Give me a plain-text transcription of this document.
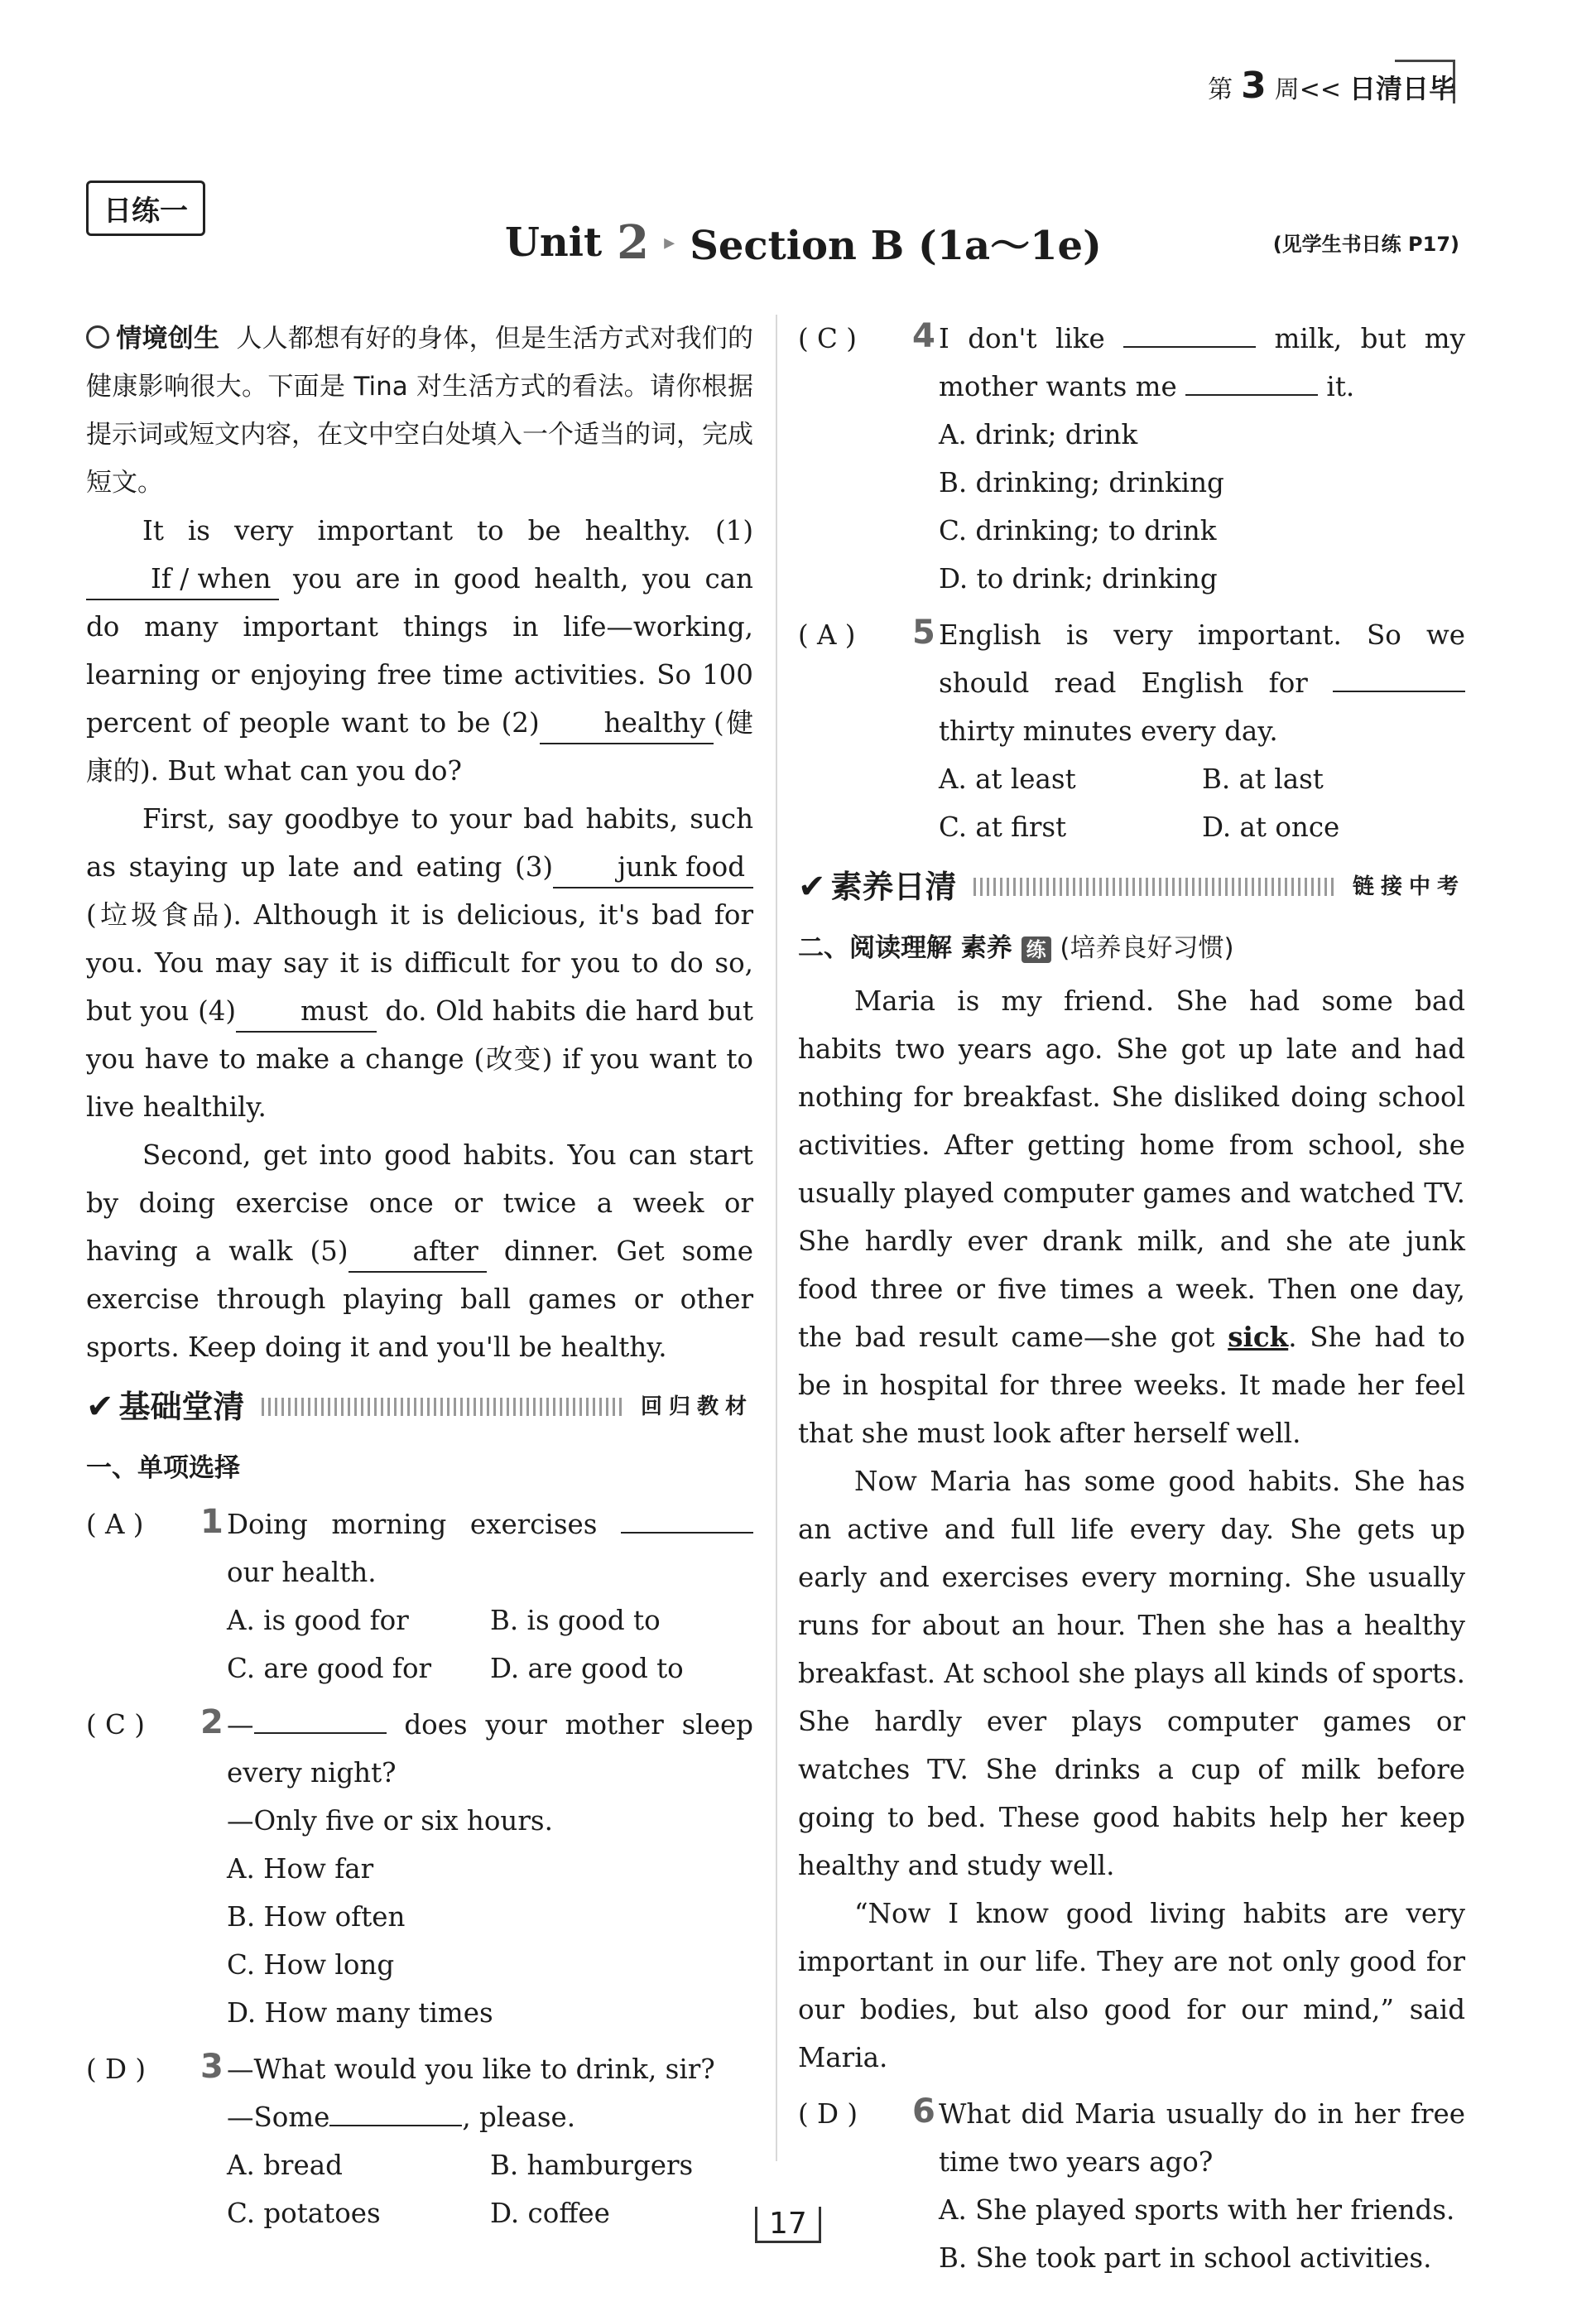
第 3 周<< 日清日毕
日练一
Unit 2 ▸ Section B (1a～1e)	(见学生书日练 P17)

情境创生 人人都想有好的身体，但是生活方式对我们的健康影响很大。下面是 Tina 对生活方式的看法。请你根据提示词或短文内容，在文中空白处填入一个适当的词，完成短文。

It is very important to be healthy. (1)If / when you are in good health, you can do many important things in life—working, learning or enjoying free time activities. So 100 percent of people want to be (2) healthy (健康的). But what can you do?

First, say goodbye to your bad habits, such as staying up late and eating (3) junk food(垃圾食品). Although it is delicious, it's bad for you. You may say it is difficult for you to do so, but you (4) must do. Old habits die hard but you have to make a change (改变) if you want to live healthily.

Second, get into good habits. You can start by doing exercise once or twice a week or having a walk (5) after dinner. Get some exercise through playing ball games or other sports. Keep doing it and you'll be healthy.

✔ 基础堂清	回归教材
一、单项选择
( A )	1 Doing morning exercises  our health.

A. is good for	B. is good to
C. are good for	D. are good to
( C )	2 —	does your mother sleep every night?

—Only five or six hours.
A. How far
B. How often
C. How long
D. How many times
( D )	3 —What would you like to drink, sir?
—Some	, please.
A. bread	B. hamburgers
C. potatoes	D. coffee
( C )	4 I don't like	milk, but my mother wants me	it.

A. drink; drink
B. drinking; drinking
C. drinking; to drink
D. to drink; drinking
( A )	5 English is very important. So we should read English for  thirty minutes every day.

A. at least	B. at last
C. at first	D. at once
✔ 素养日清	链接中考
二、阅读理解 素养 练 (培养良好习惯)

Maria is my friend. She had some bad habits two years ago. She got up late and had nothing for breakfast. She disliked doing school activities. After getting home from school, she usually played computer games and watched TV. She hardly ever drank milk, and she ate junk food three or five times a week. Then one day, the bad result came—she got sick. She had to be in hospital for three weeks. It made her feel that she must look after herself well.

Now Maria has some good habits. She has an active and full life every day. She gets up early and exercises every morning. She usually runs for about an hour. Then she has a healthy breakfast. At school she plays all kinds of sports. She hardly ever plays computer games or watches TV. She drinks a cup of milk before going to bed. These good habits help her keep healthy and study well.

“Now I know good living habits are very important in our life. They are not only good for our bodies, but also good for our mind,” said Maria.

( D )	6 What did Maria usually do in her free time two years ago?

A. She played sports with her friends.
B. She took part in school activities.
17
